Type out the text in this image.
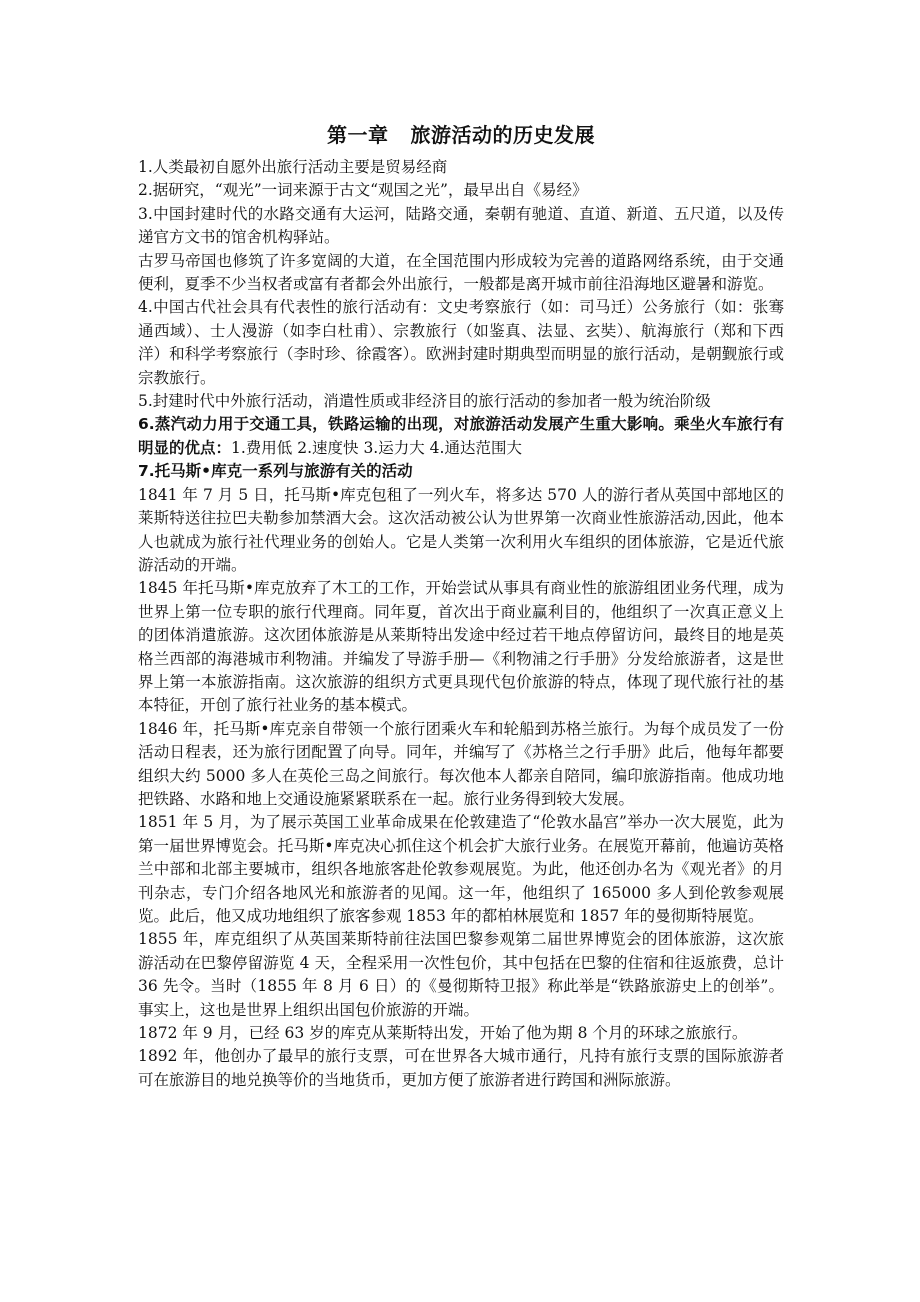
第一章 旅游活动的历史发展

1.人类最初自愿外出旅行活动主要是贸易经商

2.据研究，“观光”一词来源于古文“观国之光”，最早出自《易经》

3.中国封建时代的水路交通有大运河，陆路交通，秦朝有驰道、直道、新道、五尺道，以及传递官方文书的馆舍机构驿站。

古罗马帝国也修筑了许多宽阔的大道，在全国范围内形成较为完善的道路网络系统，由于交通便利，夏季不少当权者或富有者都会外出旅行，一般都是离开城市前往沿海地区避暑和游览。

4.中国古代社会具有代表性的旅行活动有：文史考察旅行（如：司马迁）公务旅行（如：张骞通西域）、士人漫游（如李白杜甫）、宗教旅行（如鉴真、法显、玄奘）、航海旅行（郑和下西洋）和科学考察旅行（李时珍、徐霞客）。欧洲封建时期典型而明显的旅行活动，是朝觐旅行或宗教旅行。

5.封建时代中外旅行活动，消遣性质或非经济目的旅行活动的参加者一般为统治阶级

6.蒸汽动力用于交通工具，铁路运输的出现，对旅游活动发展产生重大影响。乘坐火车旅行有明显的优点：1.费用低 2.速度快 3.运力大 4.通达范围大

7.托马斯•库克一系列与旅游有关的活动

1841 年 7 月 5 日，托马斯•库克包租了一列火车，将多达 570 人的游行者从英国中部地区的莱斯特送往拉巴夫勒参加禁酒大会。这次活动被公认为世界第一次商业性旅游活动,因此，他本人也就成为旅行社代理业务的创始人。它是人类第一次利用火车组织的团体旅游，它是近代旅游活动的开端。

1845 年托马斯•库克放弃了木工的工作，开始尝试从事具有商业性的旅游组团业务代理，成为世界上第一位专职的旅行代理商。同年夏，首次出于商业赢利目的，他组织了一次真正意义上的团体消遣旅游。这次团体旅游是从莱斯特出发途中经过若干地点停留访问，最终目的地是英格兰西部的海港城市利物浦。并编发了导游手册—《利物浦之行手册》分发给旅游者，这是世界上第一本旅游指南。这次旅游的组织方式更具现代包价旅游的特点，体现了现代旅行社的基本特征，开创了旅行社业务的基本模式。

1846 年，托马斯•库克亲自带领一个旅行团乘火车和轮船到苏格兰旅行。为每个成员发了一份活动日程表，还为旅行团配置了向导。同年，并编写了《苏格兰之行手册》此后，他每年都要组织大约 5000 多人在英伦三岛之间旅行。每次他本人都亲自陪同，编印旅游指南。他成功地把铁路、水路和地上交通设施紧紧联系在一起。旅行业务得到较大发展。

1851 年 5 月，为了展示英国工业革命成果在伦敦建造了“伦敦水晶宫”举办一次大展览，此为第一届世界博览会。托马斯•库克决心抓住这个机会扩大旅行业务。在展览开幕前，他遍访英格兰中部和北部主要城市，组织各地旅客赴伦敦参观展览。为此，他还创办名为《观光者》的月刊杂志，专门介绍各地风光和旅游者的见闻。这一年，他组织了 165000 多人到伦敦参观展览。此后，他又成功地组织了旅客参观 1853 年的都柏林展览和 1857 年的曼彻斯特展览。

1855 年，库克组织了从英国莱斯特前往法国巴黎参观第二届世界博览会的团体旅游，这次旅游活动在巴黎停留游览 4 天，全程采用一次性包价，其中包括在巴黎的住宿和往返旅费，总计 36 先令。当时（1855 年 8 月 6 日）的《曼彻斯特卫报》称此举是“铁路旅游史上的创举”。事实上，这也是世界上组织出国包价旅游的开端。

1872 年 9 月，已经 63 岁的库克从莱斯特出发，开始了他为期 8 个月的环球之旅旅行。

1892 年，他创办了最早的旅行支票，可在世界各大城市通行，凡持有旅行支票的国际旅游者可在旅游目的地兑换等价的当地货币，更加方便了旅游者进行跨国和洲际旅游。
